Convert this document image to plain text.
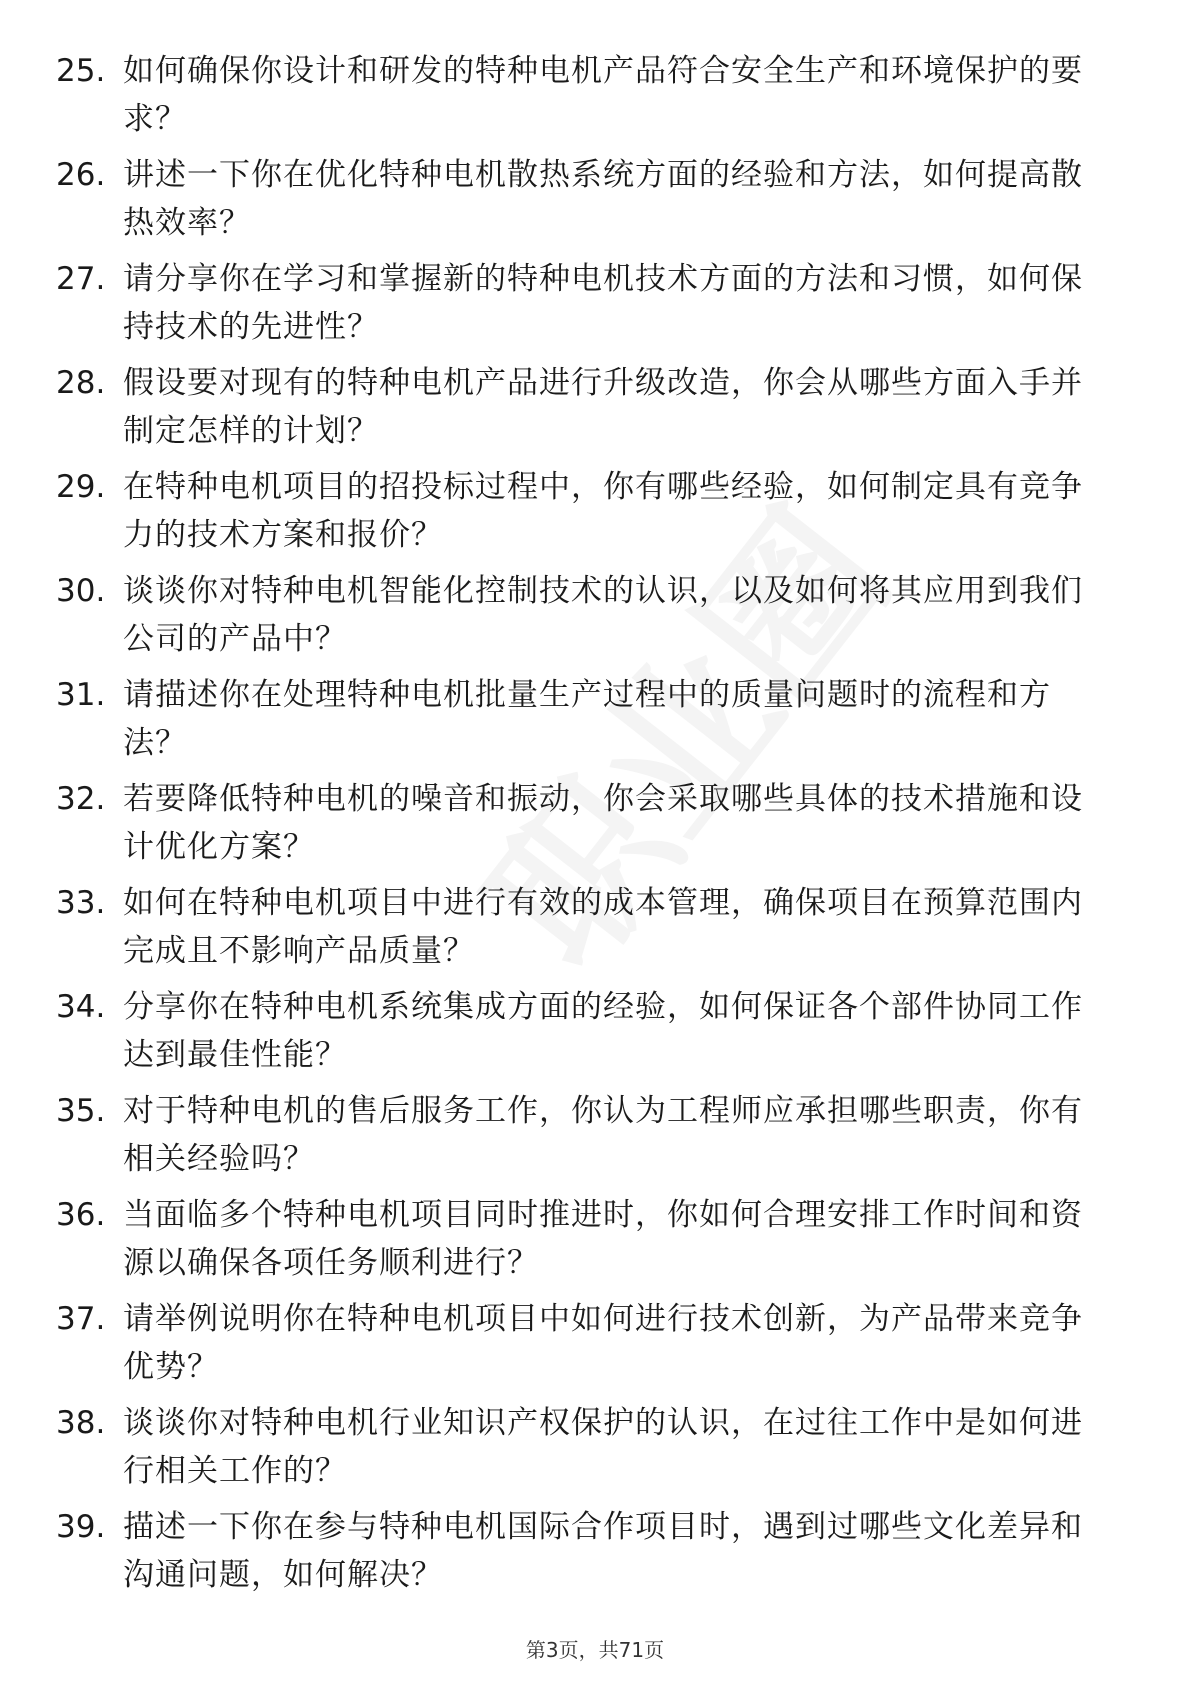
25. 如何确保你设计和研发的特种电机产品符合安全生产和环境保护的要求？
26. 讲述一下你在优化特种电机散热系统方面的经验和方法，如何提高散热效率？
27. 请分享你在学习和掌握新的特种电机技术方面的方法和习惯，如何保持技术的先进性？
28. 假设要对现有的特种电机产品进行升级改造，你会从哪些方面入手并制定怎样的计划？
29. 在特种电机项目的招投标过程中，你有哪些经验，如何制定具有竞争力的技术方案和报价？
30. 谈谈你对特种电机智能化控制技术的认识，以及如何将其应用到我们公司的产品中？
31. 请描述你在处理特种电机批量生产过程中的质量问题时的流程和方法？
32. 若要降低特种电机的噪音和振动，你会采取哪些具体的技术措施和设计优化方案？
33. 如何在特种电机项目中进行有效的成本管理，确保项目在预算范围内完成且不影响产品质量？
34. 分享你在特种电机系统集成方面的经验，如何保证各个部件协同工作达到最佳性能？
35. 对于特种电机的售后服务工作，你认为工程师应承担哪些职责，你有相关经验吗？
36. 当面临多个特种电机项目同时推进时，你如何合理安排工作时间和资源以确保各项任务顺利进行？
37. 请举例说明你在特种电机项目中如何进行技术创新，为产品带来竞争优势？
38. 谈谈你对特种电机行业知识产权保护的认识，在过往工作中是如何进行相关工作的？
39. 描述一下你在参与特种电机国际合作项目时，遇到过哪些文化差异和沟通问题，如何解决？
第3页，共71页
